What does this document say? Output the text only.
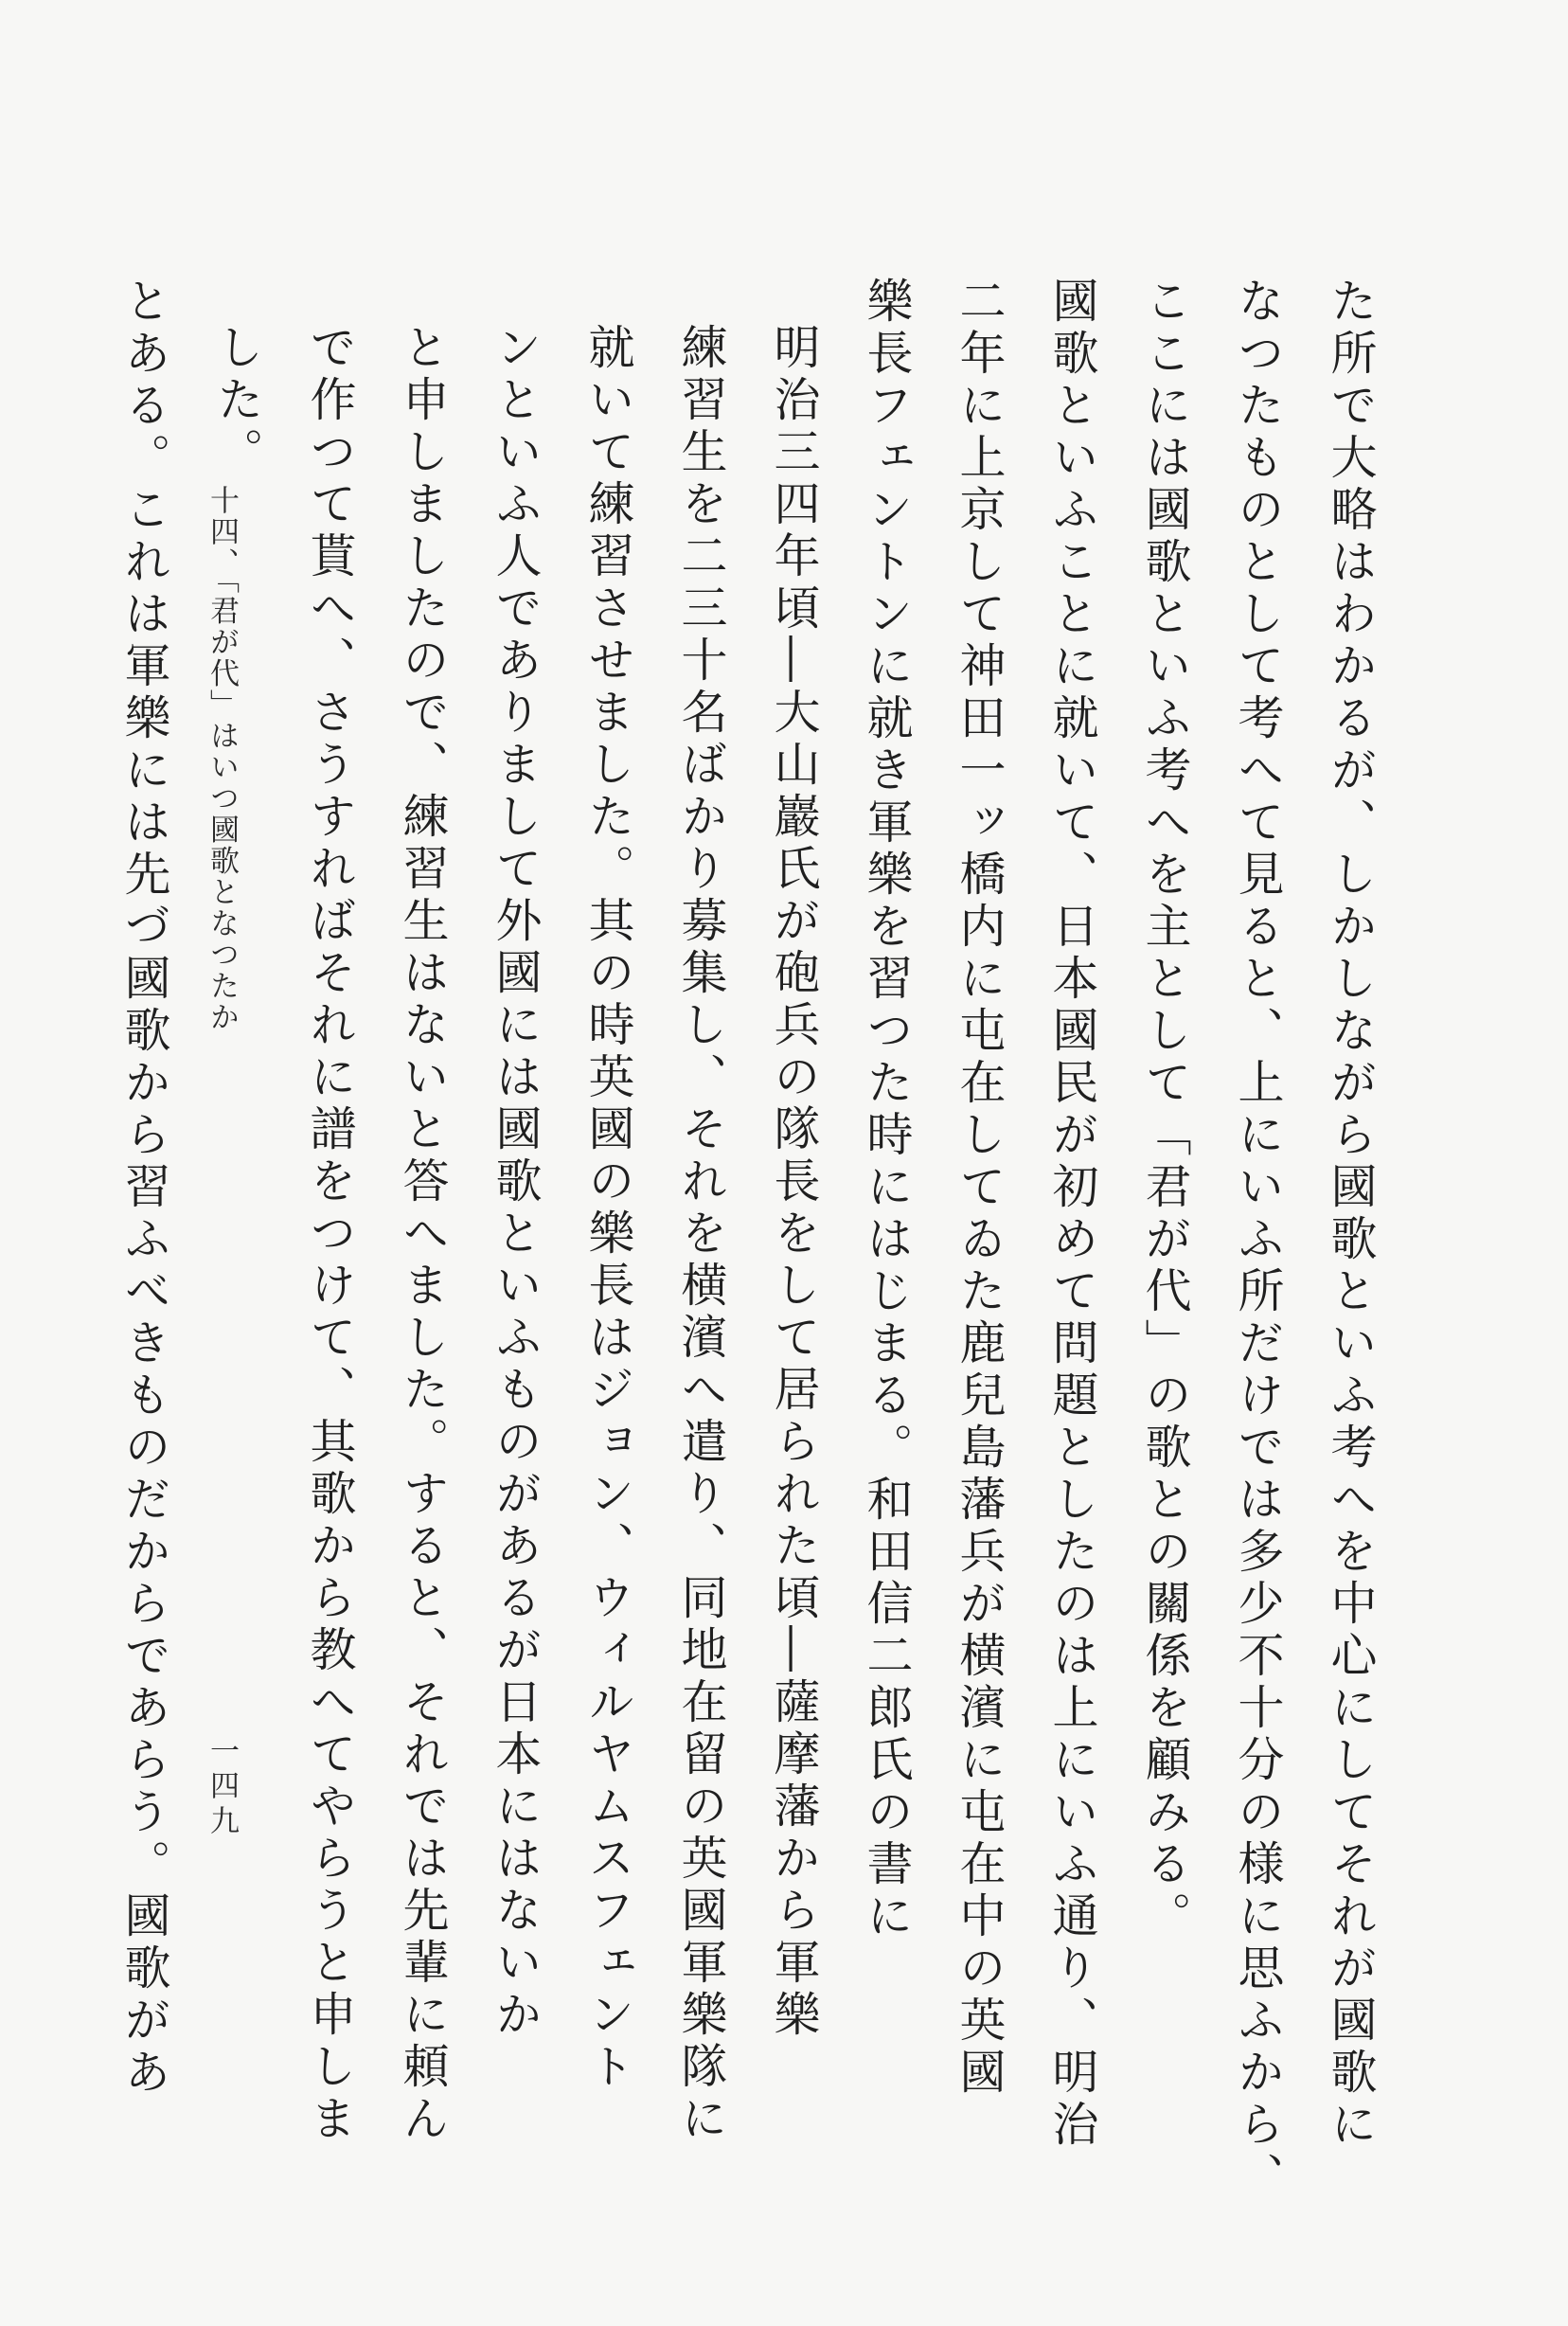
た所で大略はわかるが、しかしながら國歌といふ考へを中心にしてそれが國歌に
なつたものとして考へて見ると、上にいふ所だけでは多少不十分の様に思ふから、
ここには國歌といふ考へを主として「君が代」の歌との關係を顧みる。
國歌といふことに就いて、日本國民が初めて問題としたのは上にいふ通り、明治
二年に上京して神田一ッ橋内に屯在してゐた鹿兒島藩兵が横濱に屯在中の英國
樂長フェントンに就き軍樂を習つた時にはじまる。和田信二郎氏の書に
明治三四年頃―大山巖氏が砲兵の隊長をして居られた頃―薩摩藩から軍樂
練習生を二三十名ばかり募集し、それを横濱へ遣り、同地在留の英國軍樂隊に
就いて練習させました。其の時英國の樂長はジョン、ウィルヤムスフェント
ンといふ人でありまして外國には國歌といふものがあるが日本にはないか
と申しましたので、練習生はないと答へました。すると、それでは先輩に頼ん
で作つて貰へ、さうすればそれに譜をつけて、其歌から教へてやらうと申しま
した。
とある。これは軍樂には先づ國歌から習ふべきものだからであらう。國歌があ	十四、「君が代」はいつ國歌となつたか
一四九
